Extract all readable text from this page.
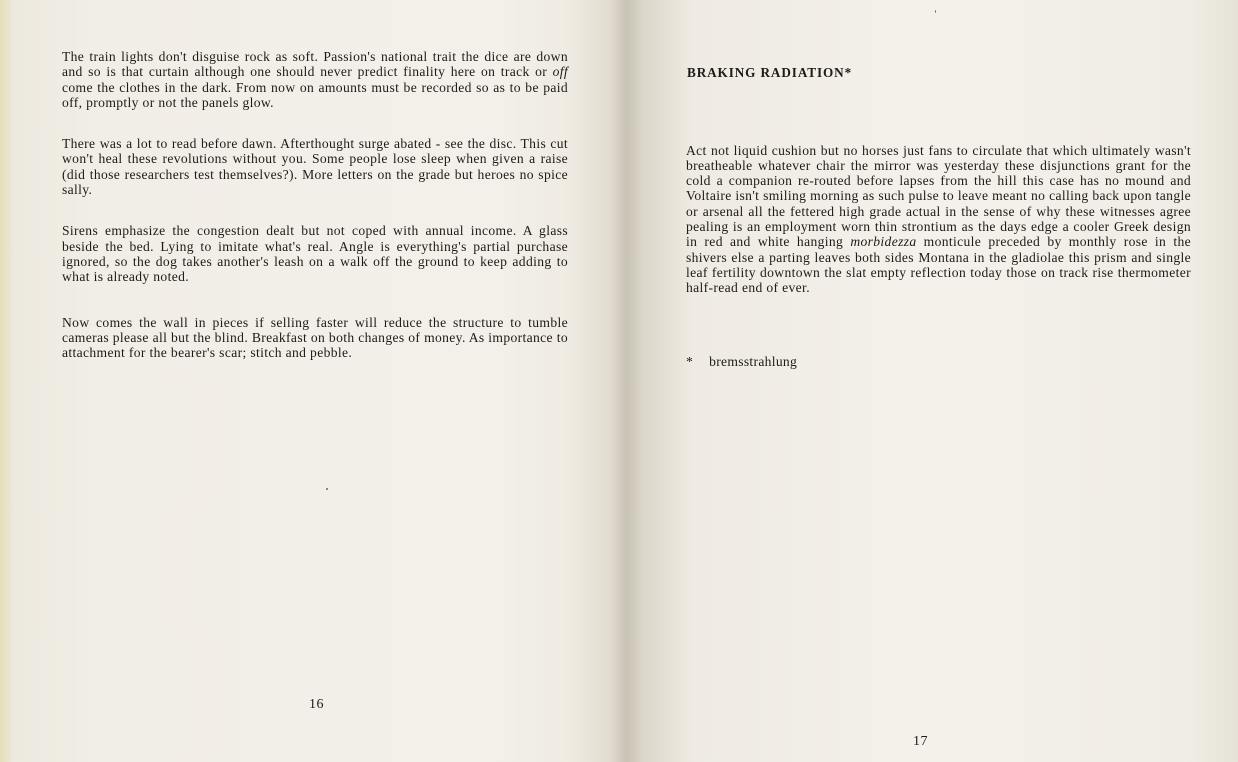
The train lights don't disguise rock as soft. Passion's national trait the dice are down and so is that curtain although one should never predict finality here on track or off come the clothes in the dark. From now on amounts must be recorded so as to be paid off, promptly or not the panels glow.

There was a lot to read before dawn. Afterthought surge abated - see the disc. This cut won't heal these revolutions without you. Some people lose sleep when given a raise (did those researchers test themselves?). More letters on the grade but heroes no spice sally.

Sirens emphasize the congestion dealt but not coped with annual income. A glass beside the bed. Lying to imitate what's real. Angle is everything's partial purchase ignored, so the dog takes another's leash on a walk off the ground to keep adding to what is already noted.

Now comes the wall in pieces if selling faster will reduce the structure to tumble cameras please all but the blind. Breakfast on both changes of money. As importance to attachment for the bearer's scar; stitch and pebble.

16
BRAKING RADIATION*

Act not liquid cushion but no horses just fans to circulate that which ultimately wasn't breatheable whatever chair the mirror was yesterday these disjunctions grant for the cold a companion re-routed before lapses from the hill this case has no mound and Voltaire isn't smiling morning as such pulse to leave meant no calling back upon tangle or arsenal all the fettered high grade actual in the sense of why these witnesses agree pealing is an employment worn thin strontium as the days edge a cooler Greek design in red and white hanging morbidezza monticule preceded by monthly rose in the shivers else a parting leaves both sides Montana in the gladiolae this prism and single leaf fertility downtown the slat empty reflection today those on track rise thermometer half-read end of ever.

* bremsstrahlung
17
